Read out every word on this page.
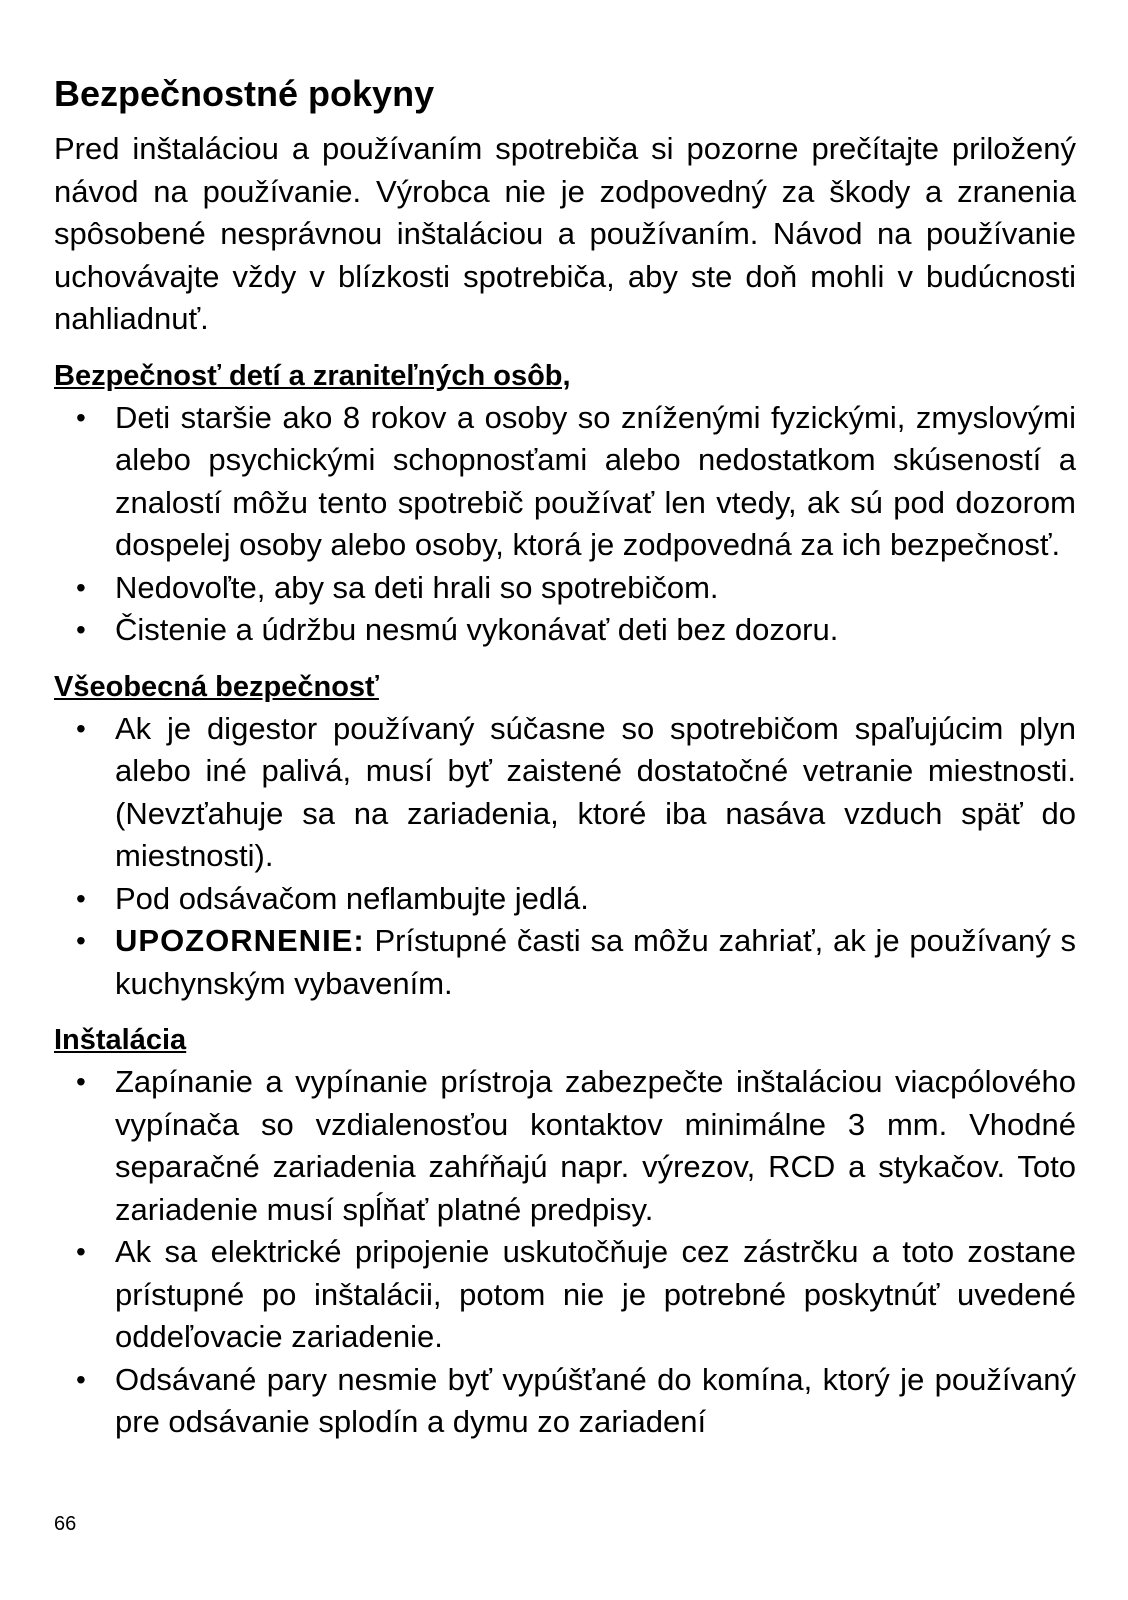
Bezpečnostné pokyny

Pred inštaláciou a používaním spotrebiča si pozorne prečítajte priložený návod na používanie. Výrobca nie je zodpovedný za škody a zranenia spôsobené nesprávnou inštaláciou a používaním. Návod na používanie uchovávajte vždy v blízkosti spotrebiča, aby ste doň mohli v budúcnosti nahliadnuť.

Bezpečnosť detí a zraniteľných osôb,
• Deti staršie ako 8 rokov a osoby so zníženými fyzickými, zmyslovými alebo psychickými schopnosťami alebo nedostatkom skúseností a znalostí môžu tento spotrebič používať len vtedy, ak sú pod dozorom dospelej osoby alebo osoby, ktorá je zodpovedná za ich bezpečnosť.
• Nedovoľte, aby sa deti hrali so spotrebičom.
• Čistenie a údržbu nesmú vykonávať deti bez dozoru.
Všeobecná bezpečnosť
• Ak je digestor používaný súčasne so spotrebičom spaľujúcim plyn alebo iné palivá, musí byť zaistené dostatočné vetranie miestnosti. (Nevzťahuje sa na zariadenia, ktoré iba nasáva vzduch späť do miestnosti).
• Pod odsávačom neflambujte jedlá.
• UPOZORNENIE: Prístupné časti sa môžu zahriať, ak je používaný s kuchynským vybavením.
Inštalácia
• Zapínanie a vypínanie prístroja zabezpečte inštaláciou viacpólového vypínača so vzdialenosťou kontaktov minimálne 3 mm. Vhodné separačné zariadenia zahŕňajú napr. výrezov, RCD a stykačov. Toto zariadenie musí spĺňať platné predpisy.
• Ak sa elektrické pripojenie uskutočňuje cez zástrčku a toto zostane prístupné po inštalácii, potom nie je potrebné poskytnúť uvedené oddeľovacie zariadenie.
• Odsávané pary nesmie byť vypúšťané do komína, ktorý je používaný pre odsávanie splodín a dymu zo zariadení
66
